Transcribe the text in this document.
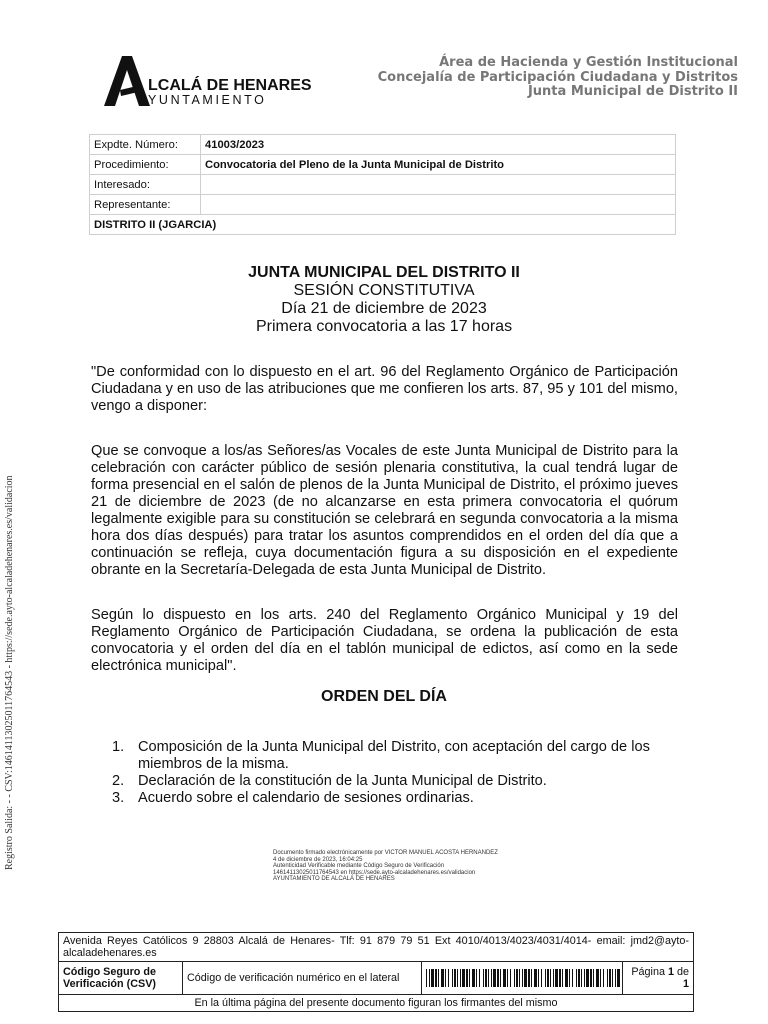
LCALÁ DE HENARES
YUNTAMIENTO
Área de Hacienda y Gestión Institucional
Concejalía de Participación Ciudadana y Distritos
Junta Municipal de Distrito II
Expdte. Número:	41003/2023
Procedimiento:	Convocatoria del Pleno de la Junta Municipal de Distrito
Interesado:	
Representante:	
DISTRITO II (JGARCIA)	
JUNTA MUNICIPAL DEL DISTRITO II
SESIÓN CONSTITUTIVA
Día 21 de diciembre de 2023
Primera convocatoria a las 17 horas
"De conformidad con lo dispuesto en el art. 96 del Reglamento Orgánico de Participación Ciudadana y en uso de las atribuciones que me confieren los arts. 87, 95 y 101 del mismo, vengo a disponer:
Que se convoque a los/as Señores/as Vocales de este Junta Municipal de Distrito para la celebración con carácter público de sesión plenaria constitutiva, la cual tendrá lugar de forma presencial en el salón de plenos de la Junta Municipal de Distrito, el próximo jueves 21 de diciembre de 2023 (de no alcanzarse en esta primera convocatoria el quórum legalmente exigible para su constitución se celebrará en segunda convocatoria a la misma hora dos días después) para tratar los asuntos comprendidos en el orden del día que a continuación se refleja, cuya documentación figura a su disposición en el expediente obrante en la Secretaría-Delegada de esta Junta Municipal de Distrito.
Según lo dispuesto en los arts. 240 del Reglamento Orgánico Municipal y 19 del Reglamento Orgánico de Participación Ciudadana, se ordena la publicación de esta convocatoria y el orden del día en el tablón municipal de edictos, así como en la sede electrónica municipal".
ORDEN DEL DÍA
1. Composición de la Junta Municipal del Distrito, con aceptación del cargo de los miembros de la misma.
2. Declaración de la constitución de la Junta Municipal de Distrito.
3. Acuerdo sobre el calendario de sesiones ordinarias.
Documento firmado electrónicamente por VICTOR MANUEL ACOSTA HERNANDEZ
4 de diciembre de 2023, 16:04:25
Autenticidad Verificable mediante Código Seguro de Verificación 14614113025011764543 en https://sede.ayto-alcaladehenares.es/validacion
AYUNTAMIENTO DE ALCALÁ DE HENARES
Registro Salida: - - CSV:14614113025011764543 - https://sede.ayto-alcaladehenares.es/validacion
Avenida Reyes Católicos 9 28803 Alcalá de Henares- Tlf: 91 879 79 51 Ext 4010/4013/4023/4031/4014- email: jmd2@ayto-alcaladehenares.es
Código Seguro de Verificación (CSV)	Código de verificación numérico en el lateral		Página 1 de 1
En la última página del presente documento figuran los firmantes del mismo
